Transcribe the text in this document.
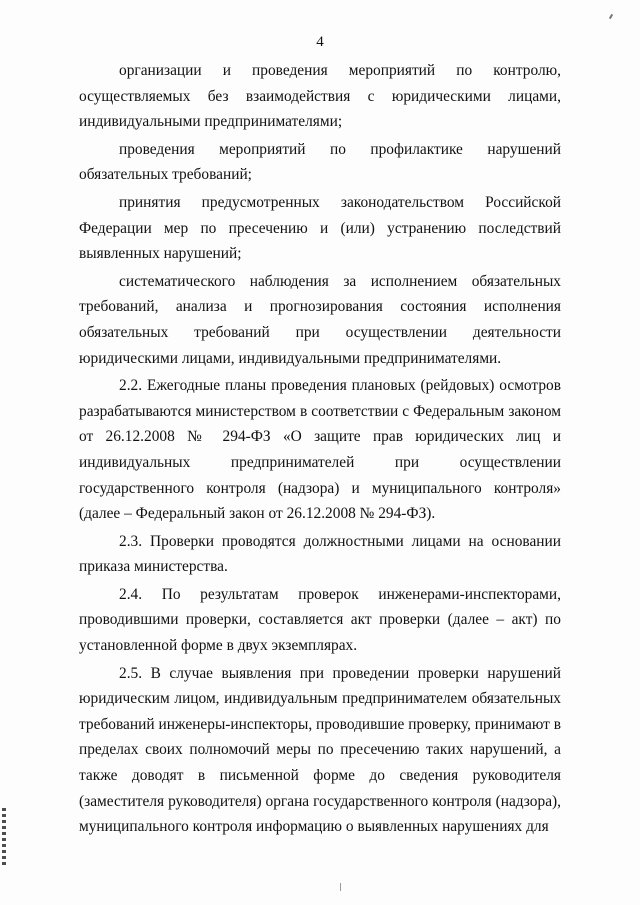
4

организации и проведения мероприятий по контролю, осуществляемых без взаимодействия с юридическими лицами, индивидуальными предпринимателями;

проведения мероприятий по профилактике нарушений обязательных требований;

принятия предусмотренных законодательством Российской Федерации мер по пресечению и (или) устранению последствий выявленных нарушений;

систематического наблюдения за исполнением обязательных требований, анализа и прогнозирования состояния исполнения обязательных требований при осуществлении деятельности юридическими лицами, индивидуальными предпринимателями.

2.2. Ежегодные планы проведения плановых (рейдовых) осмотров разрабатываются министерством в соответствии с Федеральным законом от 26.12.2008 № 294-ФЗ «О защите прав юридических лиц и индивидуальных предпринимателей при осуществлении государственного контроля (надзора) и муниципального контроля» (далее – Федеральный закон от 26.12.2008 № 294-ФЗ).

2.3. Проверки проводятся должностными лицами на основании приказа министерства.

2.4. По результатам проверок инженерами-инспекторами, проводившими проверки, составляется акт проверки (далее – акт) по установленной форме в двух экземплярах.

2.5. В случае выявления при проведении проверки нарушений юридическим лицом, индивидуальным предпринимателем обязательных требований инженеры-инспекторы, проводившие проверку, принимают в пределах своих полномочий меры по пресечению таких нарушений, а также доводят в письменной форме до сведения руководителя (заместителя руководителя) органа государственного контроля (надзора), муниципального контроля информацию о выявленных нарушениях для
